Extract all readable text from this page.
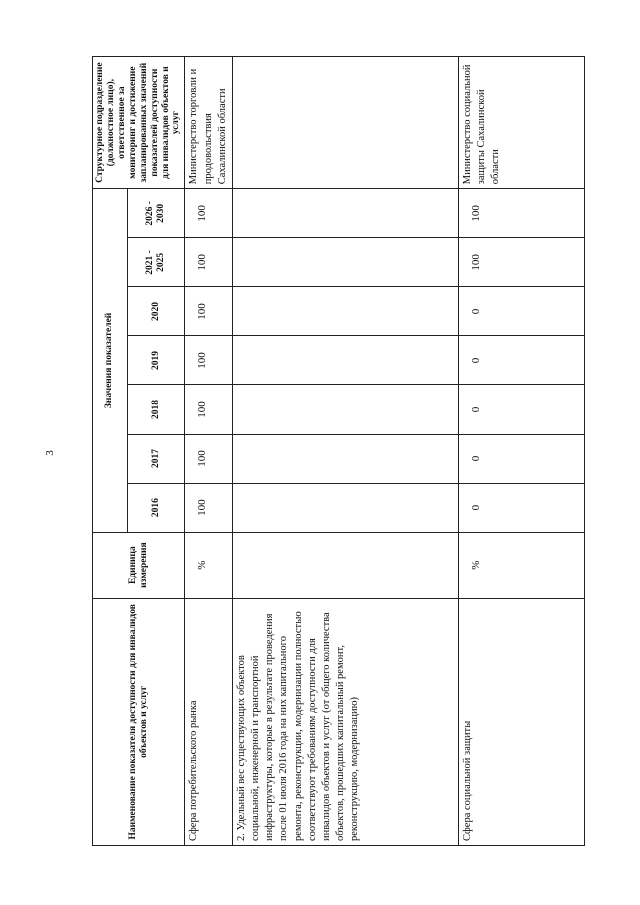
3
Наименование показателя доступности для инвалидов объектов и услуг	Единица измерения	Значения показателей							Структурное подразделение (должностное лицо), ответственное за мониторинг и достижение запланированных значений показателей доступности для инвалидов объектов и услуг
		2016	2017	2018	2019	2020	2021 - 2025	2026 - 2030	
Сфера потребительского рынка	%	100	100	100	100	100	100	100	Министерство торговли и продовольствия Сахалинской области
2. Удельный вес существующих объектов социальной, инженерной и транспортной инфраструктуры, которые в результате проведения после 01 июля 2016 года на них капитального ремонта, реконструкции, модернизации полностью соответствуют требованиям доступности для инвалидов объектов и услуг (от общего количества объектов, прошедших капитальный ремонт, реконструкцию, модернизацию)									
Сфера социальной защиты	%	0	0	0	0	0	100	100	Министерство социальной защиты Сахалинской области
